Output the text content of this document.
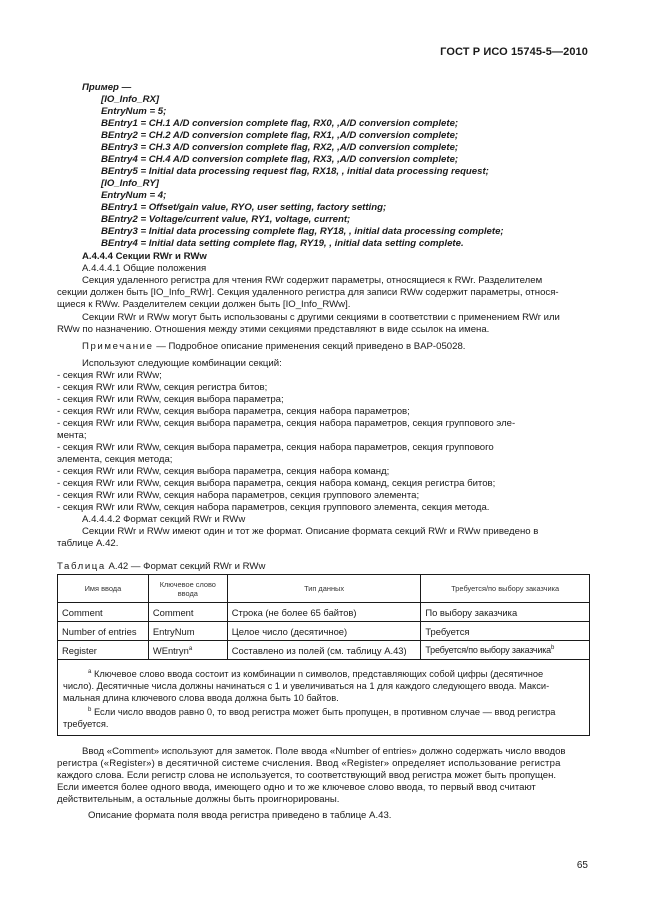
ГОСТ Р ИСО 15745-5—2010
Пример —
[IO_Info_RX]
EntryNum = 5;
BEntry1 = CH.1 A/D conversion complete flag, RX0, ,A/D conversion complete;
BEntry2 = CH.2 A/D conversion complete flag, RX1, ,A/D conversion complete;
BEntry3 = CH.3 A/D conversion complete flag, RX2, ,A/D conversion complete;
BEntry4 = CH.4 A/D conversion complete flag, RX3, ,A/D conversion complete;
BEntry5 = Initial data processing request flag, RX18, , initial data processing request;
[IO_Info_RY]
EntryNum = 4;
BEntry1 = Offset/gain value, RYO, user setting, factory setting;
BEntry2 = Voltage/current value, RY1, voltage, current;
BEntry3 = Initial data processing complete flag, RY18, , initial data processing complete;
BEntry4 = Initial data setting complete flag, RY19, , initial data setting complete.
А.4.4.4 Секции RWr и RWw
А.4.4.4.1 Общие положения
Секция удаленного регистра для чтения RWr содержит параметры, относящиеся к RWr. Разделителем
секции должен быть [IO_Info_RWr]. Секция удаленного регистра для записи RWw содержит параметры, относя-
щиеся к RWw. Разделителем секции должен быть [IO_Info_RWw].
Секции RWr и RWw могут быть использованы с другими секциями в соответствии с применением RWr или
RWw по назначению. Отношения между этими секциями представляют в виде ссылок на имена.
Примечание — Подробное описание применения секций приведено в BAP-05028.
Используют следующие комбинации секций:
- секция RWr или RWw;
- секция RWr или RWw, секция регистра битов;
- секция RWr или RWw, секция выбора параметра;
- секция RWr или RWw, секция выбора параметра, секция набора параметров;
- секция RWr или RWw, секция выбора параметра, секция набора параметров, секция группового эле-
мента;
- секция RWr или RWw, секция выбора параметра, секция набора параметров, секция группового
элемента, секция метода;
- секция RWr или RWw, секция выбора параметра, секция набора команд;
- секция RWr или RWw, секция выбора параметра, секция набора команд, секция регистра битов;
- секция RWr или RWw, секция набора параметров, секция группового элемента;
- секция RWr или RWw, секция набора параметров, секция группового элемента, секция метода.
А.4.4.4.2 Формат секций RWr и RWw
Секции RWr и RWw имеют один и тот же формат. Описание формата секций RWr и RWw приведено в
таблице А.42.
Таблица А.42 — Формат секций RWr и RWw
Имя ввода	Ключевое слово ввода	Тип данных	Требуется/по выбору заказчика
Comment	Comment	Строка (не более 65 байтов)	По выбору заказчика
Number of entries	EntryNum	Целое число (десятичное)	Требуется
Register	WEntryn$^a$	Составлено из полей (см. таблицу А.43)	Требуется/по выбору заказчика$^b$

$^a$ Ключевое слово ввода состоит из комбинации n символов, представляющих собой цифры (десятичное
число). Десятичные числа должны начинаться с 1 и увеличиваться на 1 для каждого следующего ввода. Макси-
мальная длина ключевого слова ввода должна быть 10 байтов.
$^b$ Если число вводов равно 0, то ввод регистра может быть пропущен, в противном случае — ввод регистра
требуется.			
Ввод «Comment» используют для заметок. Поле ввода «Number of entries» должно содержать число вводов
регистра («Register») в десятичной системе счисления. Ввод «Register» определяет использование регистра
каждого слова. Если регистр слова не используется, то соответствующий ввод регистра может быть пропущен.
Если имеется более одного ввода, имеющего одно и то же ключевое слово ввода, то первый ввод считают
действительным, а остальные должны быть проигнорированы.
Описание формата поля ввода регистра приведено в таблице А.43.
65
